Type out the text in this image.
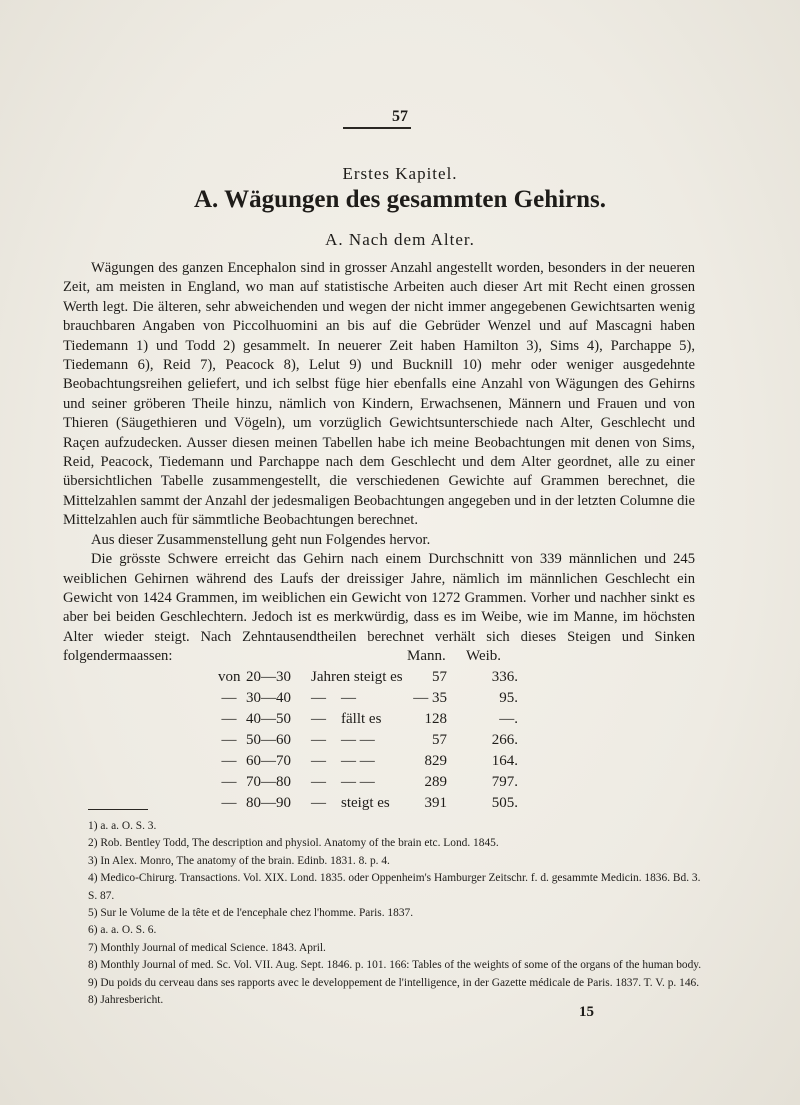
57
Erstes Kapitel.
A. Wägungen des gesammten Gehirns.
A. Nach dem Alter.

Wägungen des ganzen Encephalon sind in grosser Anzahl angestellt worden, besonders in der neueren Zeit, am meisten in England, wo man auf statistische Arbeiten auch dieser Art mit Recht einen grossen Werth legt. Die älteren, sehr abweichenden und wegen der nicht immer angegebenen Gewichtsarten wenig brauchbaren Angaben von Piccolhuomini an bis auf die Gebrüder Wenzel und auf Mascagni haben Tiedemann 1) und Todd 2) gesammelt. In neuerer Zeit haben Hamilton 3), Sims 4), Parchappe 5), Tiedemann 6), Reid 7), Peacock 8), Lelut 9) und Bucknill 10) mehr oder weniger ausgedehnte Beobachtungsreihen geliefert, und ich selbst füge hier ebenfalls eine Anzahl von Wägungen des Gehirns und seiner gröberen Theile hinzu, nämlich von Kindern, Erwachsenen, Männern und Frauen und von Thieren (Säugethieren und Vögeln), um vorzüglich Gewichtsunterschiede nach Alter, Geschlecht und Raçen aufzudecken. Ausser diesen meinen Tabellen habe ich meine Beobachtungen mit denen von Sims, Reid, Peacock, Tiedemann und Parchappe nach dem Geschlecht und dem Alter geordnet, alle zu einer übersichtlichen Tabelle zusammengestellt, die verschiedenen Gewichte auf Grammen berechnet, die Mittelzahlen sammt der Anzahl der jedesmaligen Beobachtungen angegeben und in der letzten Columne die Mittelzahlen auch für sämmtliche Beobachtungen berechnet.

Aus dieser Zusammenstellung geht nun Folgendes hervor.

Die grösste Schwere erreicht das Gehirn nach einem Durchschnitt von 339 männlichen und 245 weiblichen Gehirnen während des Laufs der dreissiger Jahre, nämlich im männlichen Geschlecht ein Gewicht von 1424 Grammen, im weiblichen ein Gewicht von 1272 Grammen. Vorher und nachher sinkt es aber bei beiden Geschlechtern. Jedoch ist es merkwürdig, dass es im Weibe, wie im Manne, im höchsten Alter wieder steigt. Nach Zehntausendtheilen berechnet verhält sich dieses Steigen und Sinken folgendermaassen:	Mann. Weib.
von 20—30	Jahren steigt es	57	336.
— 30—40	—    —	— 35	95.
— 40—50	—    fällt es	128	—.
— 50—60	—    — —	57	266.
— 60—70	—    — —	829	164.
— 70—80	—    — —	289	797.
— 80—90	—    steigt es	391	505.
1) a. a. O. S. 3.
2) Rob. Bentley Todd, The description and physiol. Anatomy of the brain etc. Lond. 1845.
3) In Alex. Monro, The anatomy of the brain. Edinb. 1831. 8. p. 4.
4) Medico-Chirurg. Transactions. Vol. XIX. Lond. 1835. oder Oppenheim's Hamburger Zeitschr. f. d. gesammte Medicin. 1836. Bd. 3. S. 87.
5) Sur le Volume de la tête et de l'encephale chez l'homme. Paris. 1837.
6) a. a. O. S. 6.
7) Monthly Journal of medical Science. 1843. April.
8) Monthly Journal of med. Sc. Vol. VII. Aug. Sept. 1846. p. 101. 166: Tables of the weights of some of the organs of the human body.
9) Du poids du cerveau dans ses rapports avec le developpement de l'intelligence, in der Gazette médicale de Paris. 1837. T. V. p. 146.
8) Jahresbericht.
15
